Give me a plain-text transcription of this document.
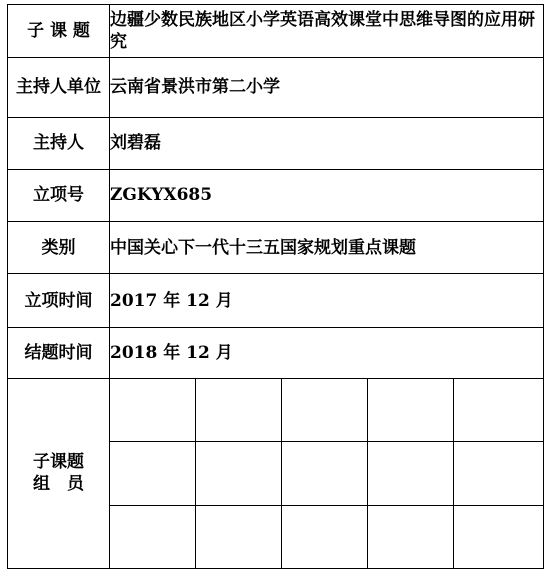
子 课 题	边疆少数民族地区小学英语高效课堂中思维导图的应用研究				
主持人单位	云南省景洪市第二小学				
主持人	刘碧磊				
立项号	ZGKYX685				
类别	中国关心下一代十三五国家规划重点课题				
立项时间	2017 年 12 月				
结题时间	2018 年 12 月				

子课题
组　员					
